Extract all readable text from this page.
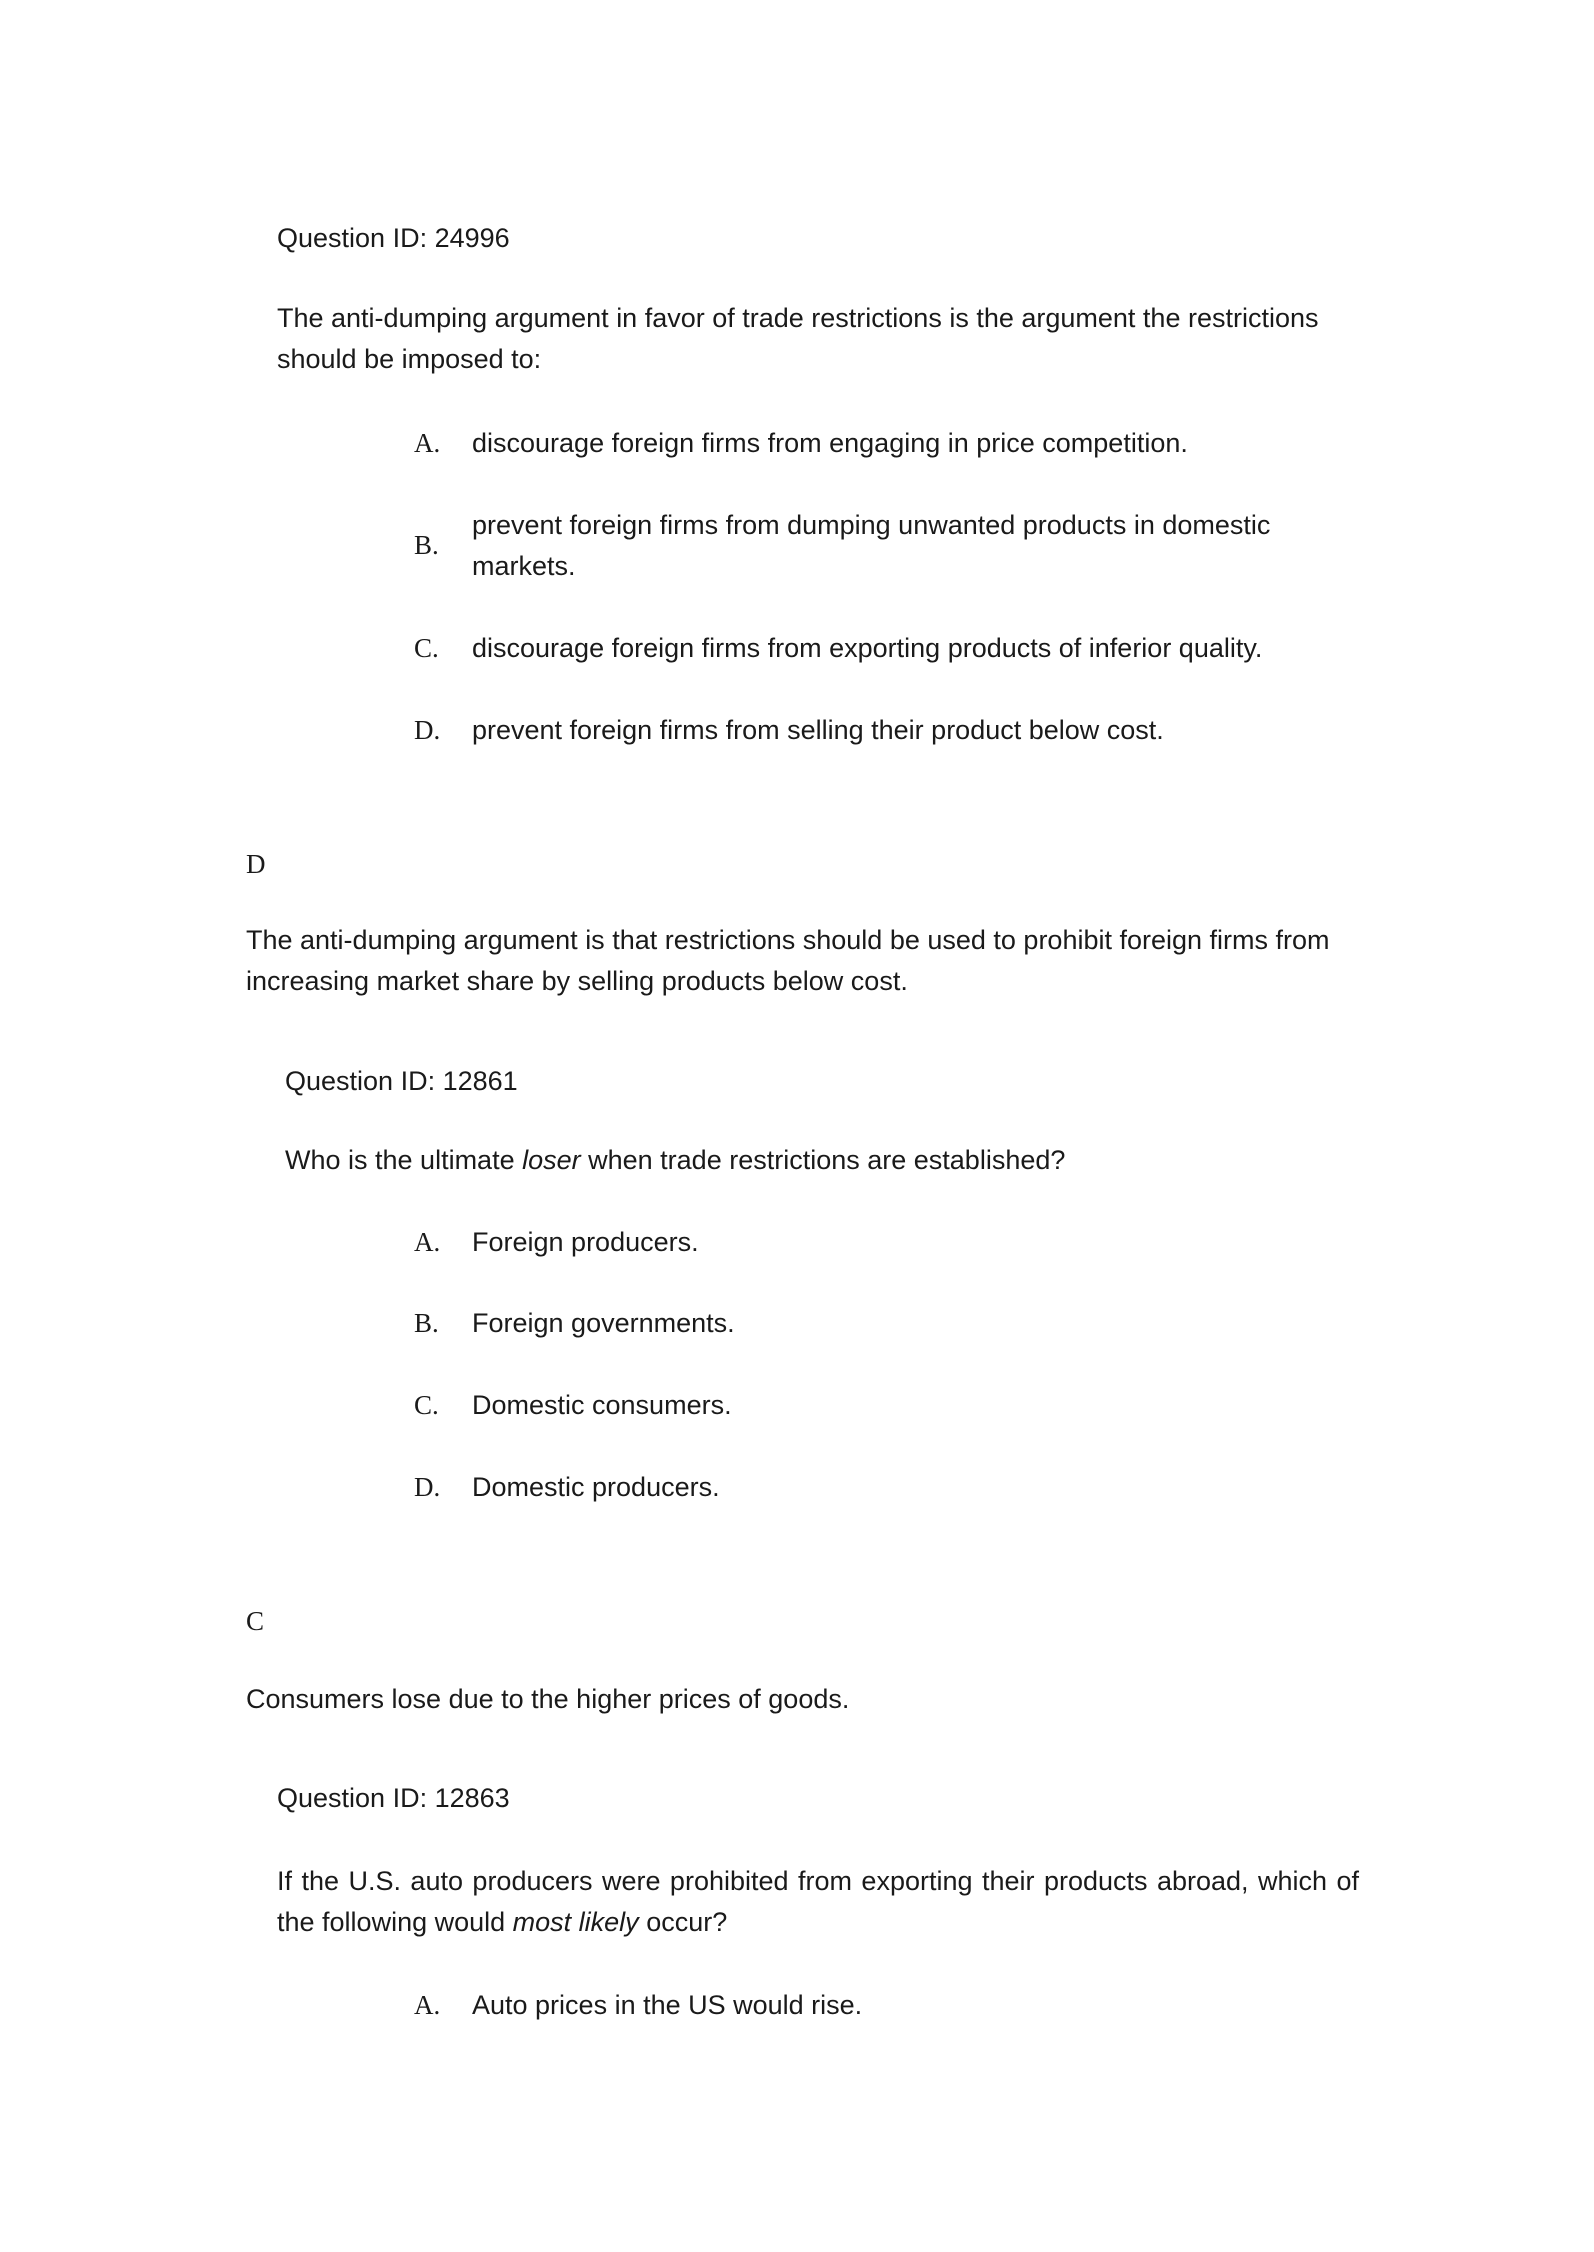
Question ID: 24996
The anti-dumping argument in favor of trade restrictions is the argument the restrictions should be imposed to:
A.	discourage foreign firms from engaging in price competition.
B.
prevent foreign firms from dumping unwanted products in domestic markets.
C.	discourage foreign firms from exporting products of inferior quality.
D.	prevent foreign firms from selling their product below cost.
D
The anti-dumping argument is that restrictions should be used to prohibit foreign firms from increasing market share by selling products below cost.
Question ID: 12861
Who is the ultimate loser when trade restrictions are established?
A.	Foreign producers.
B.	Foreign governments.
C.	Domestic consumers.
D.	Domestic producers.
C
Consumers lose due to the higher prices of goods.
Question ID: 12863
If the U.S. auto producers were prohibited from exporting their products abroad, which of the following would most likely occur?
A.	Auto prices in the US would rise.
